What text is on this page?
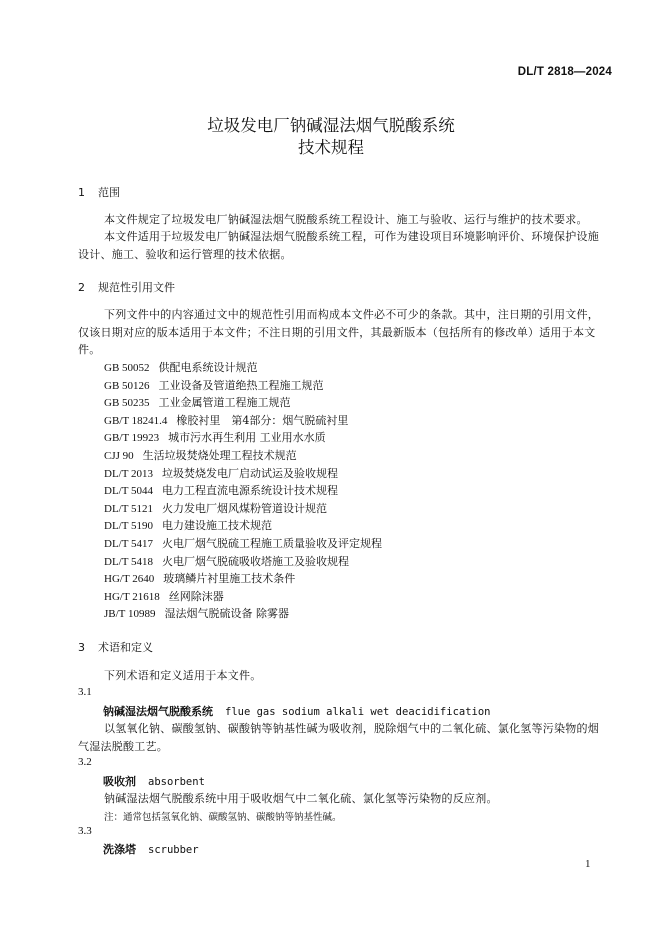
DL/T 2818—2024
垃圾发电厂钠碱湿法烟气脱酸系统
技术规程
1 范围
本文件规定了垃圾发电厂钠碱湿法烟气脱酸系统工程设计、施工与验收、运行与维护的技术要求。
本文件适用于垃圾发电厂钠碱湿法烟气脱酸系统工程，可作为建设项目环境影响评价、环境保护设施设计、施工、验收和运行管理的技术依据。
2 规范性引用文件
下列文件中的内容通过文中的规范性引用而构成本文件必不可少的条款。其中，注日期的引用文件，仅该日期对应的版本适用于本文件；不注日期的引用文件，其最新版本（包括所有的修改单）适用于本文件。
GB 50052 供配电系统设计规范
GB 50126 工业设备及管道绝热工程施工规范
GB 50235 工业金属管道工程施工规范
GB/T 18241.4 橡胶衬里　第4部分：烟气脱硫衬里
GB/T 19923 城市污水再生利用 工业用水水质
CJJ 90 生活垃圾焚烧处理工程技术规范
DL/T 2013 垃圾焚烧发电厂启动试运及验收规程
DL/T 5044 电力工程直流电源系统设计技术规程
DL/T 5121 火力发电厂烟风煤粉管道设计规范
DL/T 5190 电力建设施工技术规范
DL/T 5417 火电厂烟气脱硫工程施工质量验收及评定规程
DL/T 5418 火电厂烟气脱硫吸收塔施工及验收规程
HG/T 2640 玻璃鳞片衬里施工技术条件
HG/T 21618 丝网除沫器
JB/T 10989 湿法烟气脱硫设备 除雾器
3 术语和定义
下列术语和定义适用于本文件。
3.1
钠碱湿法烟气脱酸系统 flue gas sodium alkali wet deacidification
以氢氧化钠、碳酸氢钠、碳酸钠等钠基性碱为吸收剂，脱除烟气中的二氧化硫、氯化氢等污染物的烟气湿法脱酸工艺。
3.2
吸收剂 absorbent
钠碱湿法烟气脱酸系统中用于吸收烟气中二氧化硫、氯化氢等污染物的反应剂。
注：通常包括氢氧化钠、碳酸氢钠、碳酸钠等钠基性碱。
3.3
洗涤塔 scrubber
1
